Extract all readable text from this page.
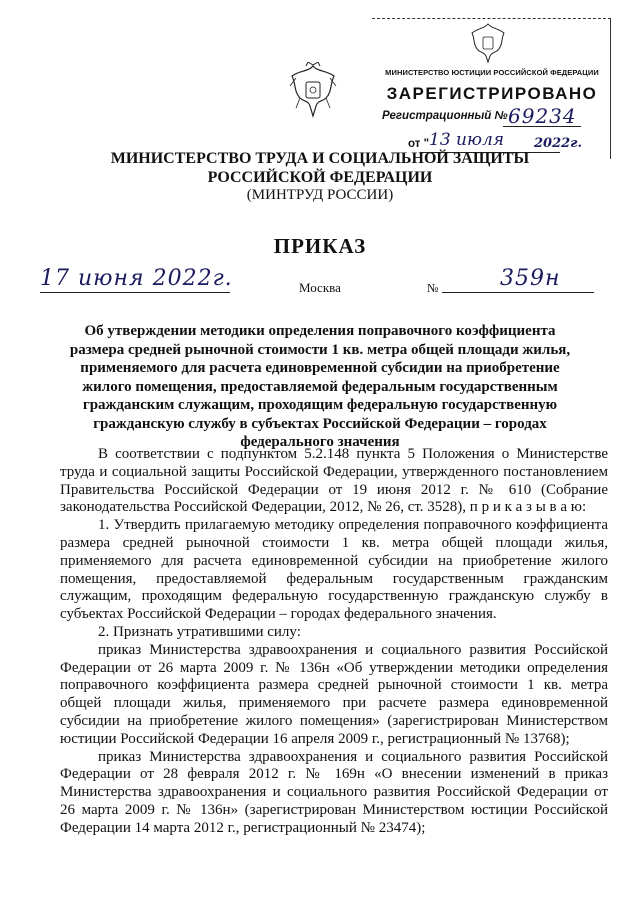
МИНИСТЕРСТВО ЮСТИЦИИ РОССИЙСКОЙ ФЕДЕРАЦИИ
ЗАРЕГИСТРИРОВАНО
Регистрационный № 69234
от " 13 июля 2022г.
МИНИСТЕРСТВО ТРУДА И СОЦИАЛЬНОЙ ЗАЩИТЫ
РОССИЙСКОЙ ФЕДЕРАЦИИ
(МИНТРУД РОССИИ)
ПРИКАЗ
17 июня 2022г.	Москва	№	359н
Об утверждении методики определения поправочного коэффициента размера средней рыночной стоимости 1 кв. метра общей площади жилья, применяемого для расчета единовременной субсидии на приобретение жилого помещения, предоставляемой федеральным государственным гражданским служащим, проходящим федеральную государственную гражданскую службу в субъектах Российской Федерации – городах федерального значения

В соответствии с подпунктом 5.2.148 пункта 5 Положения о Министерстве труда и социальной защиты Российской Федерации, утвержденного постановлением Правительства Российской Федерации от 19 июня 2012 г. № 610 (Собрание законодательства Российской Федерации, 2012, № 26, ст. 3528), п р и к а з ы в а ю:

1. Утвердить прилагаемую методику определения поправочного коэффициента размера средней рыночной стоимости 1 кв. метра общей площади жилья, применяемого для расчета единовременной субсидии на приобретение жилого помещения, предоставляемой федеральным государственным гражданским служащим, проходящим федеральную государственную гражданскую службу в субъектах Российской Федерации – городах федерального значения.

2. Признать утратившими силу:

приказ Министерства здравоохранения и социального развития Российской Федерации от 26 марта 2009 г. № 136н «Об утверждении методики определения поправочного коэффициента размера средней рыночной стоимости 1 кв. метра общей площади жилья, применяемого при расчете размера единовременной субсидии на приобретение жилого помещения» (зарегистрирован Министерством юстиции Российской Федерации 16 апреля 2009 г., регистрационный № 13768);

приказ Министерства здравоохранения и социального развития Российской Федерации от 28 февраля 2012 г. № 169н «О внесении изменений в приказ Министерства здравоохранения и социального развития Российской Федерации от 26 марта 2009 г. № 136н» (зарегистрирован Министерством юстиции Российской Федерации 14 марта 2012 г., регистрационный № 23474);
